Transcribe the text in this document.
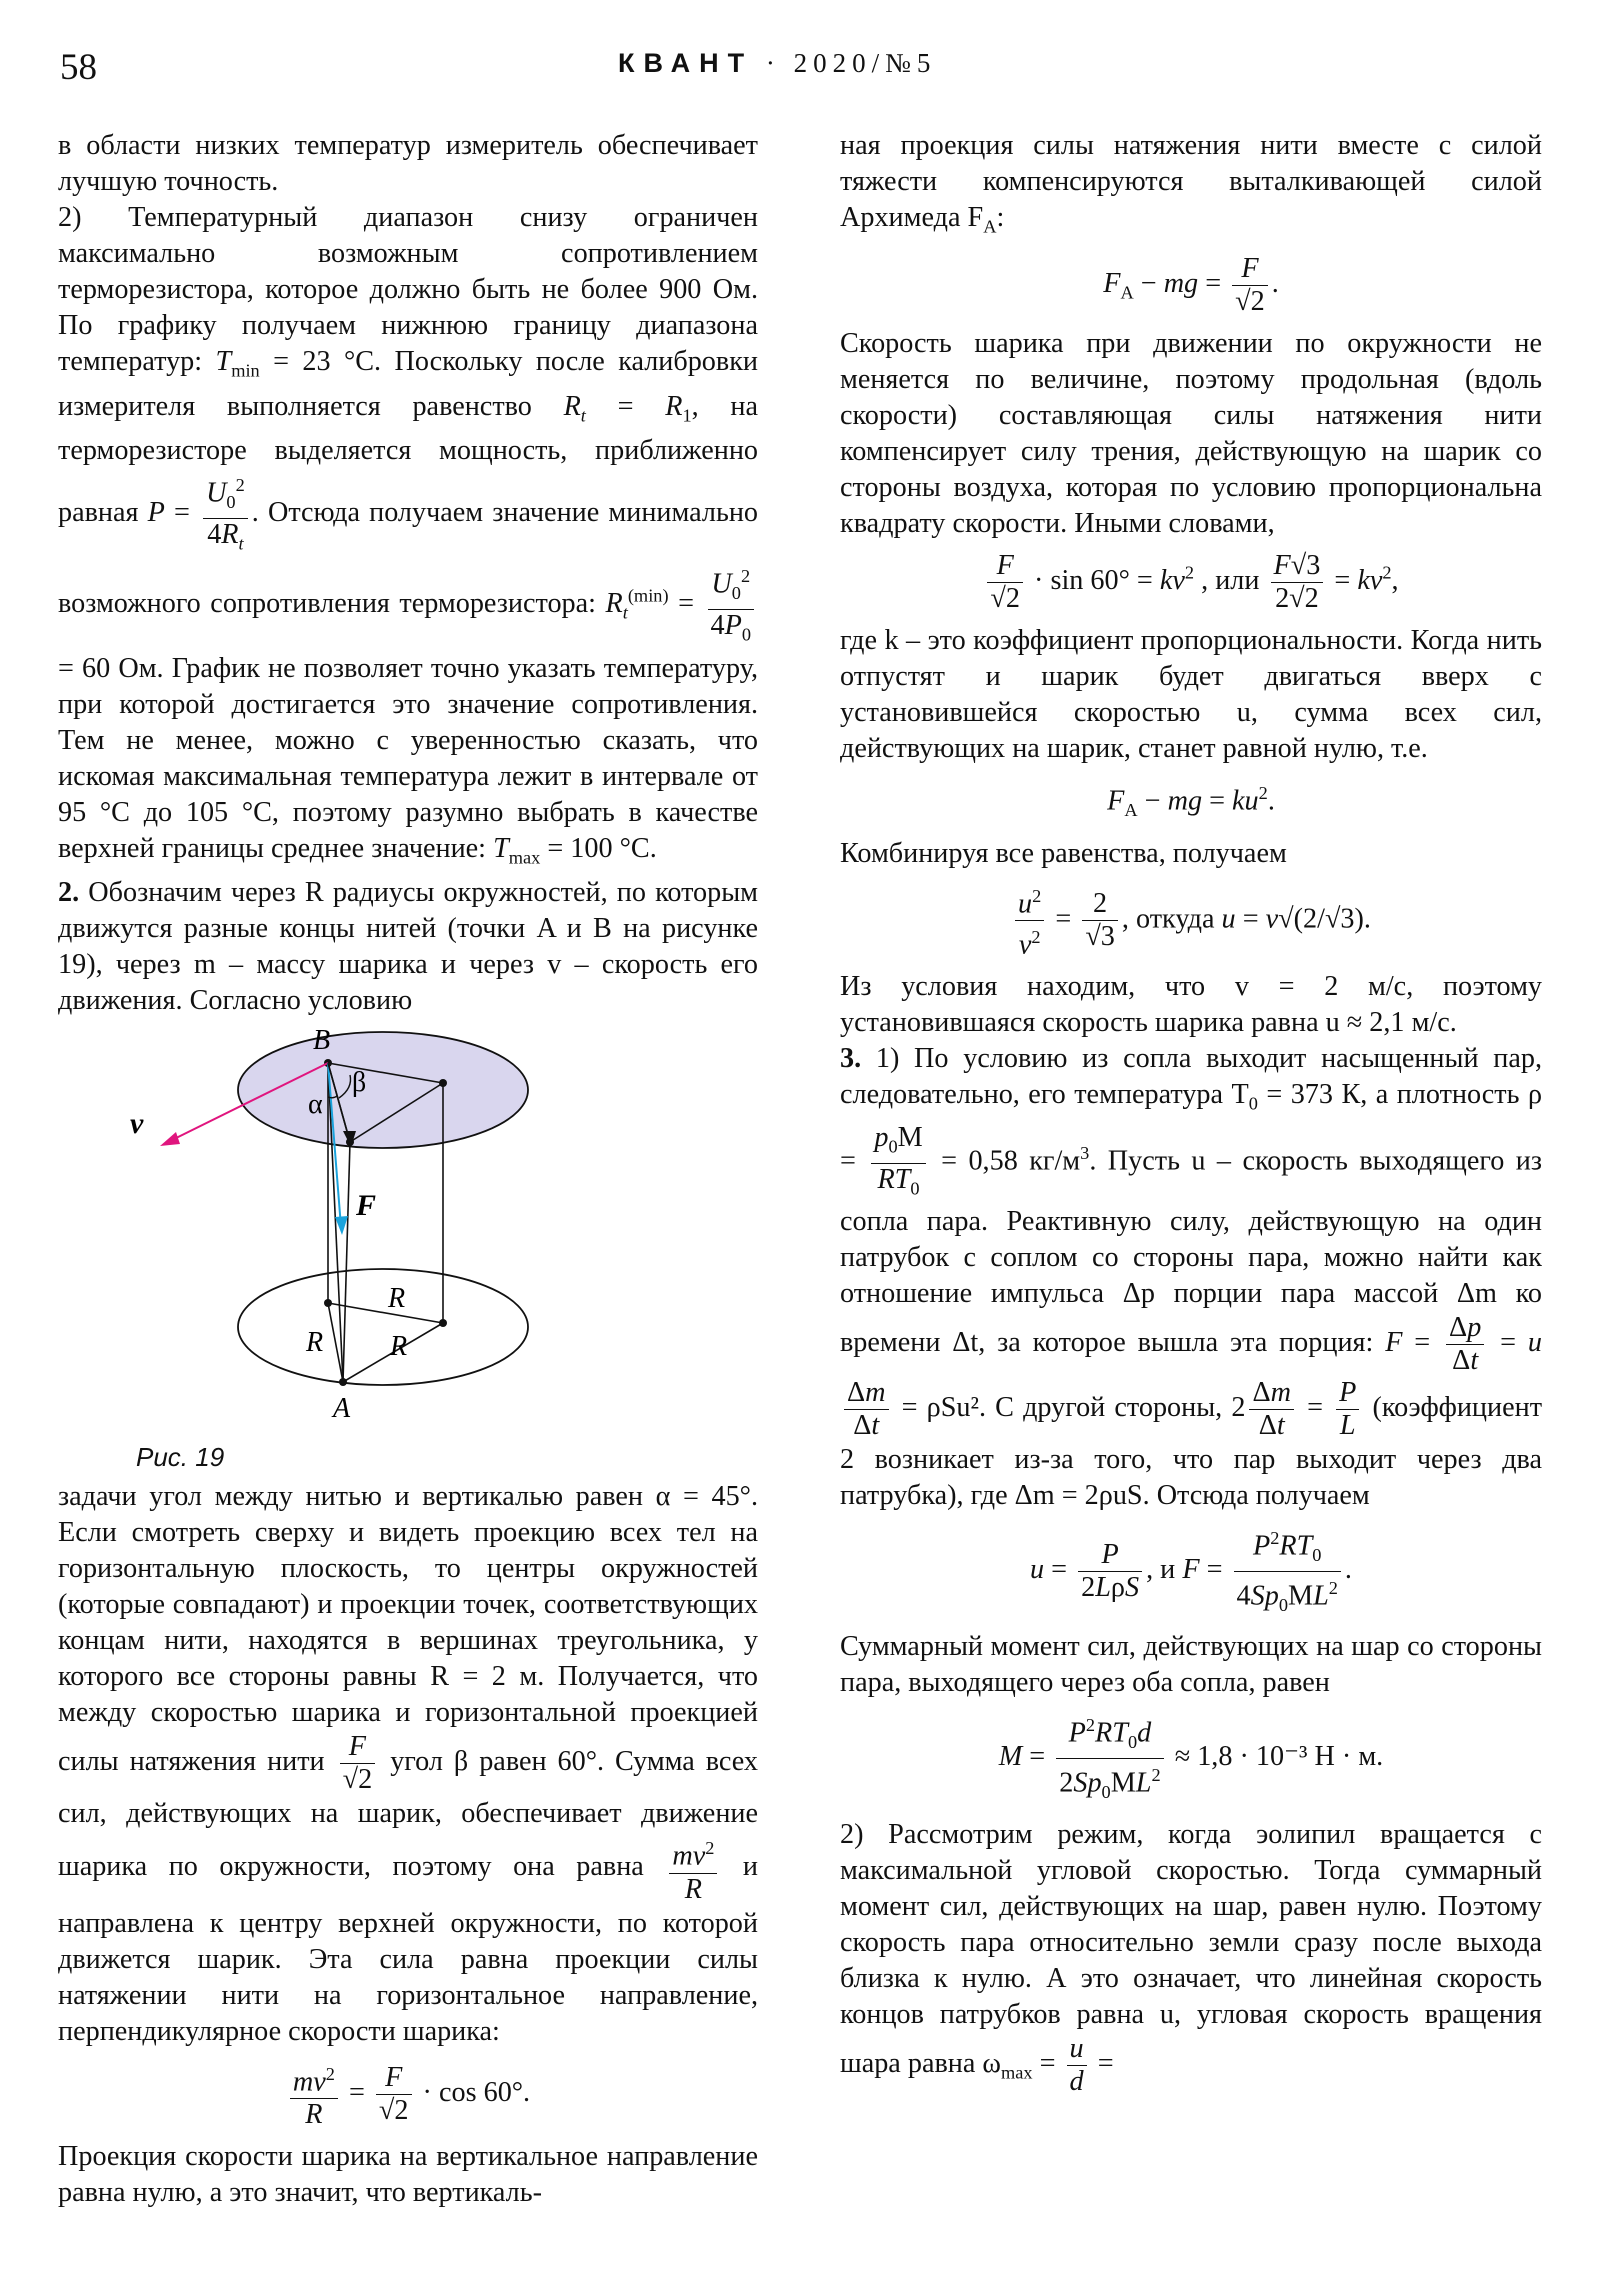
58	КВАНТ · 2020/№5

в области низких температур измеритель обеспечивает лучшую точность.

2) Температурный диапазон снизу ограничен максимально возможным сопротивлением терморезистора, которое должно быть не более 900 Ом. По графику получаем нижнюю границу диапазона температур: $T_{min} = 23$ °С. Поскольку после калибровки измерителя выполняется равенство $R_t = R_1$, на терморезисторе выделяется мощность, приближенно равная $P = \frac{U_0^2}{4R_t}$ . Отсюда получаем значение минимально возможного сопротивления терморезистора: $R_t^{(min)} = \frac{U_0^2}{4P_0}$
= 60 Ом. График не позволяет точно указать температуру, при которой достигается это значение сопротивления. Тем не менее, можно с уверенностью сказать, что искомая максимальная температура лежит в интервале от 95 °С до 105 °С, поэтому разумно выбрать в качестве верхней границы среднее значение: $T_{max} = 100$ °С.

2. Обозначим через R радиусы окружностей, по которым движутся разные концы нитей (точки A и B на рисунке 19), через m – массу шарика и через v – скорость его движения. Согласно условию

B
A
v
F
α
β
R
R R
Рис. 19

задачи угол между нитью и вертикалью равен α = 45°. Если смотреть сверху и видеть проекцию всех тел на горизонтальную плоскость, то центры окружностей (которые совпадают) и проекции точек, соответствующих концам нити, находятся в вершинах треугольника, у которого все стороны равны R = 2 м. Получается, что между скоростью шарика и горизонтальной проекцией силы натяжения нити $\frac{F}{√2}$ угол β равен 60°. Сумма всех сил, действующих на шарик, обеспечивает движение шарика по окружности, поэтому она равна $\frac{mv^2}{R}$ и направлена к центру верхней окружности, по которой движется шарик. Эта сила равна проекции силы натяжении нити на горизонтальное направление, перпендикулярное скорости шарика:

$\frac{mv^2}{R} = \frac{F}{√2} \cdot \cos 60^\circ$.

Проекция скорости шарика на вертикальное направление равна нулю, а это значит, что вертикаль-

ная проекция силы натяжения нити вместе с силой тяжести компенсируются выталкивающей силой Архимеда $F_A$:

$F_A$ − mg = $\frac{F}{√2}$ .

Скорость шарика при движении по окружности не меняется по величине, поэтому продольная (вдоль скорости) составляющая силы натяжения нити компенсирует силу трения, действующую на шарик со стороны воздуха, которая по условию пропорциональна квадрату скорости. Иными словами,

$\frac{F}{√2} \cdot \sin 60^\circ = kv^2$ , или $\frac{F√3}{2√2} = kv^2$,

где k – это коэффициент пропорциональности. Когда нить отпустят и шарик будет двигаться вверх с установившейся скоростью u, сумма всех сил, действующих на шарик, станет равной нулю, т.е.

$F_A$ − mg = $ku^2$.

Комбинируя все равенства, получаем

$\frac{u^2}{v^2} = \frac{2}{√3}$ , откуда u = v√(2/√3).

Из условия находим, что v = 2 м/с, поэтому установившаяся скорость шарика равна u ≈ 2,1 м/с.

3. 1) По условию из сопла выходит насыщенный пар, следовательно, его температура $T_0 = 373$ К, а плотность $\rho = \frac{p_0M}{RT_0} = 0,58$ $кг/м^3$. Пусть u – скорость выходящего из сопла пара. Реактивную силу, действующую на один патрубок с соплом со стороны пара, можно найти как отношение импульса Δp порции пара массой Δm ко времени Δt, за которое вышла эта порция: $F = \frac{\Delta p}{\Delta t} = u$
$\frac{\Delta m}{\Delta t} = \rho Su^2$. С другой стороны, $2 \frac{\Delta m}{\Delta t} = \frac{P}{L}$ (коэффициент 2 возникает из-за того, что пар выходит через два патрубка), где Δm = 2ρuS. Отсюда получаем

$u = \frac{P}{\text{2LρS}}$ , и $F = \frac{P^2RT_0}{4Sp_0ML^2}$ .

Суммарный момент сил, действующих на шар со стороны пара, выходящего через оба сопла, равен

$M = \frac{P^2RT_0d}{2Sp_0ML^2} \approx 1,8 \cdot 10^{-3}$ Н · м.

2) Рассмотрим режим, когда эолипил вращается с максимальной угловой скоростью. Тогда суммарный момент сил, действующих на шар, равен нулю. Поэтому скорость пара относительно земли сразу после выхода близка к нулю. А это означает, что линейная скорость концов патрубков равна u, угловая скорость вращения шара равна $\omega_{max} = \frac{u}{d}$ =
